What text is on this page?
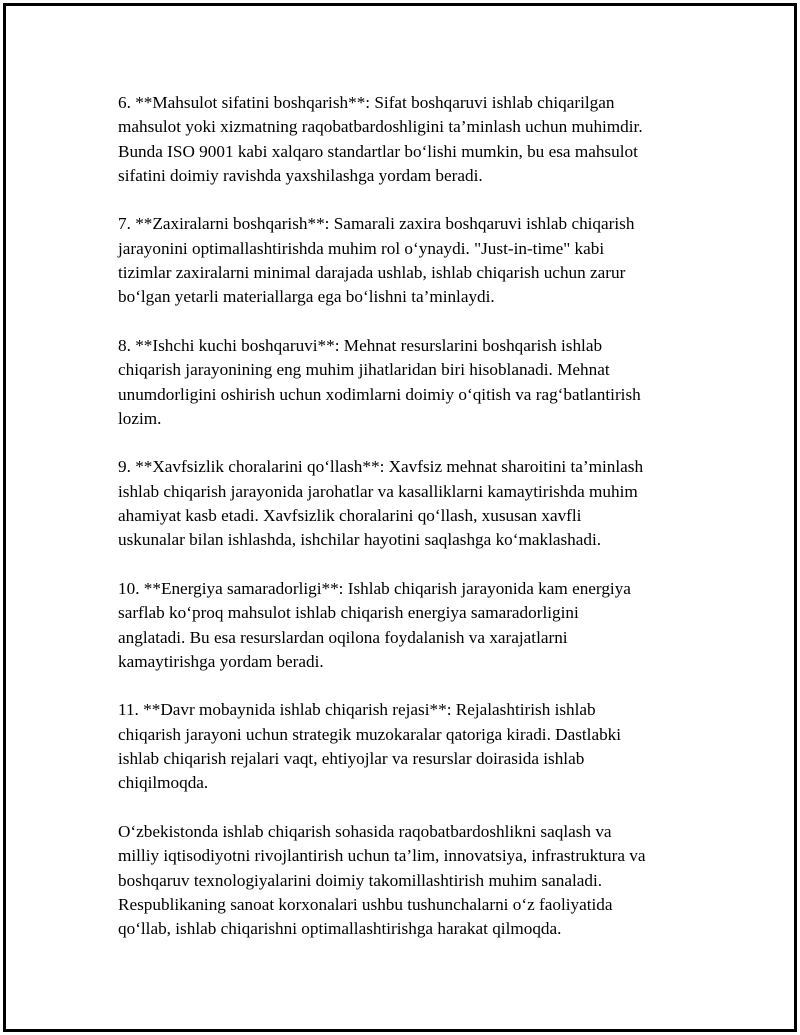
6. **Mahsulot sifatini boshqarish**: Sifat boshqaruvi ishlab chiqarilgan
mahsulot yoki xizmatning raqobatbardoshligini ta’minlash uchun muhimdir.
Bunda ISO 9001 kabi xalqaro standartlar bo‘lishi mumkin, bu esa mahsulot
sifatini doimiy ravishda yaxshilashga yordam beradi.

7. **Zaxiralarni boshqarish**: Samarali zaxira boshqaruvi ishlab chiqarish
jarayonini optimallashtirishda muhim rol o‘ynaydi. "Just-in-time" kabi
tizimlar zaxiralarni minimal darajada ushlab, ishlab chiqarish uchun zarur
bo‘lgan yetarli materiallarga ega bo‘lishni ta’minlaydi.

8. **Ishchi kuchi boshqaruvi**: Mehnat resurslarini boshqarish ishlab
chiqarish jarayonining eng muhim jihatlaridan biri hisoblanadi. Mehnat
unumdorligini oshirish uchun xodimlarni doimiy o‘qitish va rag‘batlantirish
lozim.

9. **Xavfsizlik choralarini qo‘llash**: Xavfsiz mehnat sharoitini ta’minlash
ishlab chiqarish jarayonida jarohatlar va kasalliklarni kamaytirishda muhim
ahamiyat kasb etadi. Xavfsizlik choralarini qo‘llash, xususan xavfli
uskunalar bilan ishlashda, ishchilar hayotini saqlashga ko‘maklashadi.

10. **Energiya samaradorligi**: Ishlab chiqarish jarayonida kam energiya
sarflab ko‘proq mahsulot ishlab chiqarish energiya samaradorligini
anglatadi. Bu esa resurslardan oqilona foydalanish va xarajatlarni
kamaytirishga yordam beradi.

11. **Davr mobaynida ishlab chiqarish rejasi**: Rejalashtirish ishlab
chiqarish jarayoni uchun strategik muzokaralar qatoriga kiradi. Dastlabki
ishlab chiqarish rejalari vaqt, ehtiyojlar va resurslar doirasida ishlab
chiqilmoqda.

O‘zbekistonda ishlab chiqarish sohasida raqobatbardoshlikni saqlash va
milliy iqtisodiyotni rivojlantirish uchun ta’lim, innovatsiya, infrastruktura va
boshqaruv texnologiyalarini doimiy takomillashtirish muhim sanaladi.
Respublikaning sanoat korxonalari ushbu tushunchalarni o‘z faoliyatida
qo‘llab, ishlab chiqarishni optimallashtirishga harakat qilmoqda.
